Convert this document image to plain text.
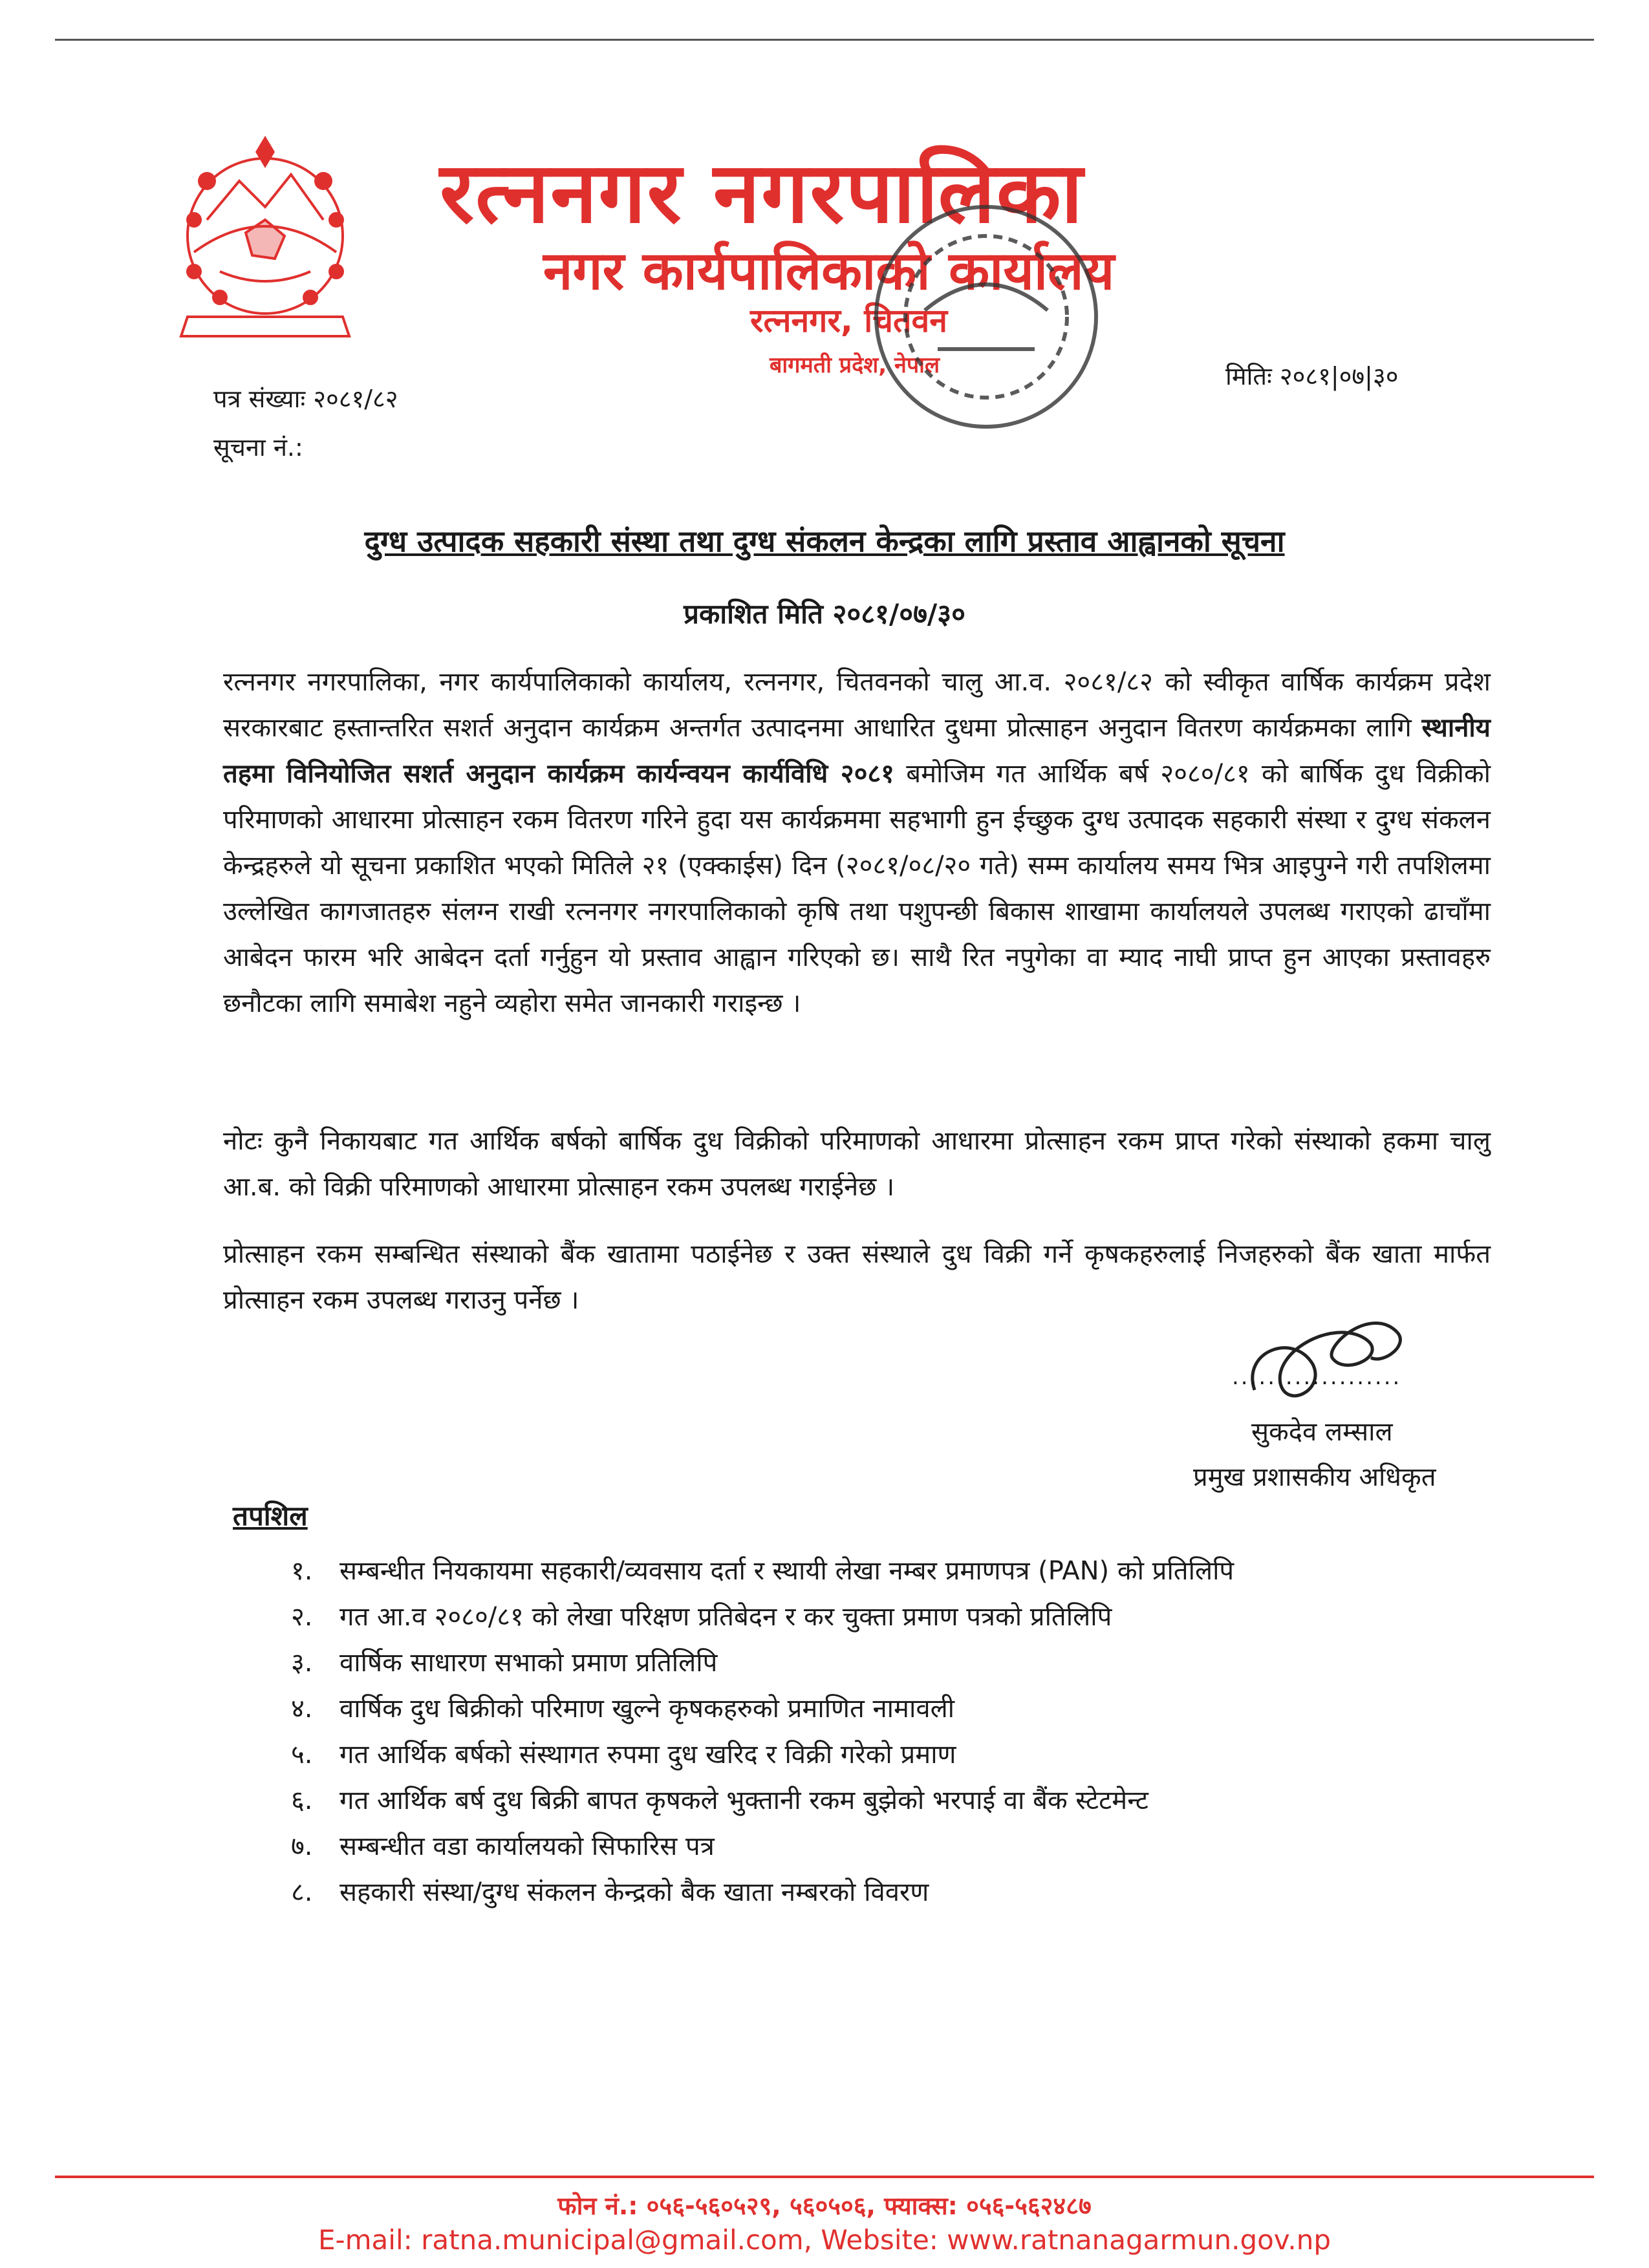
रत्ननगर नगरपालिका
नगर कार्यपालिकाको कार्यालय
रत्ननगर, चितवन
बागमती प्रदेश, नेपाल
पत्र संख्याः २०८१/८२
सूचना नं.:
मितिः २०८१|०७|३०
दुग्ध उत्पादक सहकारी संस्था तथा दुग्ध संकलन केन्द्रका लागि प्रस्ताव आह्वानको सूचना
प्रकाशित मिति २०८१/०७/३०
रत्ननगर नगरपालिका, नगर कार्यपालिकाको कार्यालय, रत्ननगर, चितवनको चालु आ.व. २०८१/८२ को स्वीकृत वार्षिक कार्यक्रम प्रदेश सरकारबाट हस्तान्तरित सशर्त अनुदान कार्यक्रम अन्तर्गत उत्पादनमा आधारित दुधमा प्रोत्साहन अनुदान वितरण कार्यक्रमका लागि स्थानीय तहमा विनियोजित सशर्त अनुदान कार्यक्रम कार्यन्वयन कार्यविधि २०८१ बमोजिम गत आर्थिक बर्ष २०८०/८१ को बार्षिक दुध विक्रीको परिमाणको आधारमा प्रोत्साहन रकम वितरण गरिने हुदा यस कार्यक्रममा सहभागी हुन ईच्छुक दुग्ध उत्पादक सहकारी संस्था र दुग्ध संकलन केन्द्रहरुले यो सूचना प्रकाशित भएको मितिले २१ (एक्काईस) दिन (२०८१/०८/२० गते) सम्म कार्यालय समय भित्र आइपुग्ने गरी तपशिलमा उल्लेखित कागजातहरु संलग्न राखी रत्ननगर नगरपालिकाको कृषि तथा पशुपन्छी बिकास शाखामा कार्यालयले उपलब्ध गराएको ढाचाँमा आबेदन फारम भरि आबेदन दर्ता गर्नुहुन यो प्रस्ताव आह्वान गरिएको छ। साथै रित नपुगेका वा म्याद नाघी प्राप्त हुन आएका प्रस्तावहरु छनौटका लागि समाबेश नहुने व्यहोरा समेत जानकारी गराइन्छ ।
नोटः कुनै निकायबाट गत आर्थिक बर्षको बार्षिक दुध विक्रीको परिमाणको आधारमा प्रोत्साहन रकम प्राप्त गरेको संस्थाको हकमा चालु आ.ब. को विक्री परिमाणको आधारमा प्रोत्साहन रकम उपलब्ध गराईनेछ ।
प्रोत्साहन रकम सम्बन्धित संस्थाको बैंक खातामा पठाईनेछ र उक्त संस्थाले दुध विक्री गर्ने कृषकहरुलाई निजहरुको बैंक खाता मार्फत प्रोत्साहन रकम उपलब्ध गराउनु पर्नेछ ।
...................
सुकदेव लम्साल
प्रमुख प्रशासकीय अधिकृत
तपशिल
१.	सम्बन्धीत नियकायमा सहकारी/व्यवसाय दर्ता र स्थायी लेखा नम्बर प्रमाणपत्र (PAN) को प्रतिलिपि
२.	गत आ.व २०८०/८१ को लेखा परिक्षण प्रतिबेदन र कर चुक्ता प्रमाण पत्रको प्रतिलिपि
३.	वार्षिक साधारण सभाको प्रमाण प्रतिलिपि
४.	वार्षिक दुध बिक्रीको परिमाण खुल्ने कृषकहरुको प्रमाणित नामावली
५.	गत आर्थिक बर्षको संस्थागत रुपमा दुध खरिद र विक्री गरेको प्रमाण
६.	गत आर्थिक बर्ष दुध बिक्री बापत कृषकले भुक्तानी रकम बुझेको भरपाई वा बैंक स्टेटमेन्ट
७.	सम्बन्धीत वडा कार्यालयको सिफारिस पत्र
८.	सहकारी संस्था/दुग्ध संकलन केन्द्रको बैक खाता नम्बरको विवरण
फोन नं.: ०५६-५६०५२९, ५६०५०६, फ्याक्स: ०५६-५६२४८७
E-mail: ratna.municipal@gmail.com, Website: www.ratnanagarmun.gov.np
